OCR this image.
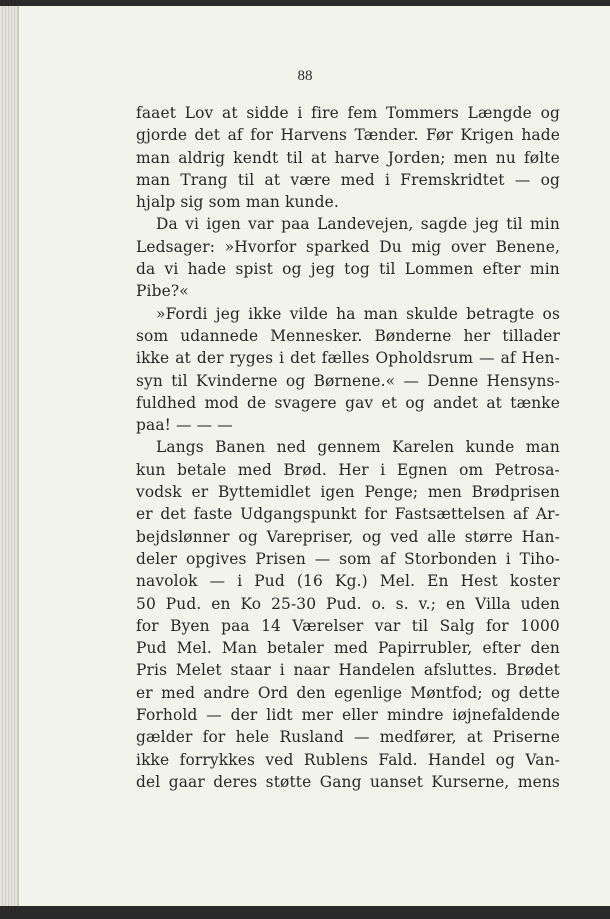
88
faaet Lov at sidde i fire fem Tommers Længde og
gjorde det af for Harvens Tænder. Før Krigen hade
man aldrig kendt til at harve Jorden; men nu følte
man Trang til at være med i Fremskridtet — og
hjalp sig som man kunde.
Da vi igen var paa Landevejen, sagde jeg til min
Ledsager: »Hvorfor sparked Du mig over Benene,
da vi hade spist og jeg tog til Lommen efter min
Pibe?«
»Fordi jeg ikke vilde ha man skulde betragte os
som udannede Mennesker. Bønderne her tillader
ikke at der ryges i det fælles Opholdsrum — af Hen-
syn til Kvinderne og Børnene.« — Denne Hensyns-
fuldhed mod de svagere gav et og andet at tænke
paa! — — —
Langs Banen ned gennem Karelen kunde man
kun betale med Brød. Her i Egnen om Petrosa-
vodsk er Byttemidlet igen Penge; men Brødprisen
er det faste Udgangspunkt for Fastsættelsen af Ar-
bejdslønner og Varepriser, og ved alle større Han-
deler opgives Prisen — som af Storbonden i Tiho-
navolok — i Pud (16 Kg.) Mel. En Hest koster
50 Pud. en Ko 25-30 Pud. o. s. v.; en Villa uden
for Byen paa 14 Værelser var til Salg for 1000
Pud Mel. Man betaler med Papirrubler, efter den
Pris Melet staar i naar Handelen afsluttes. Brødet
er med andre Ord den egenlige Møntfod; og dette
Forhold — der lidt mer eller mindre iøjnefaldende
gælder for hele Rusland — medfører, at Priserne
ikke forrykkes ved Rublens Fald. Handel og Van-
del gaar deres støtte Gang uanset Kurserne, mens
